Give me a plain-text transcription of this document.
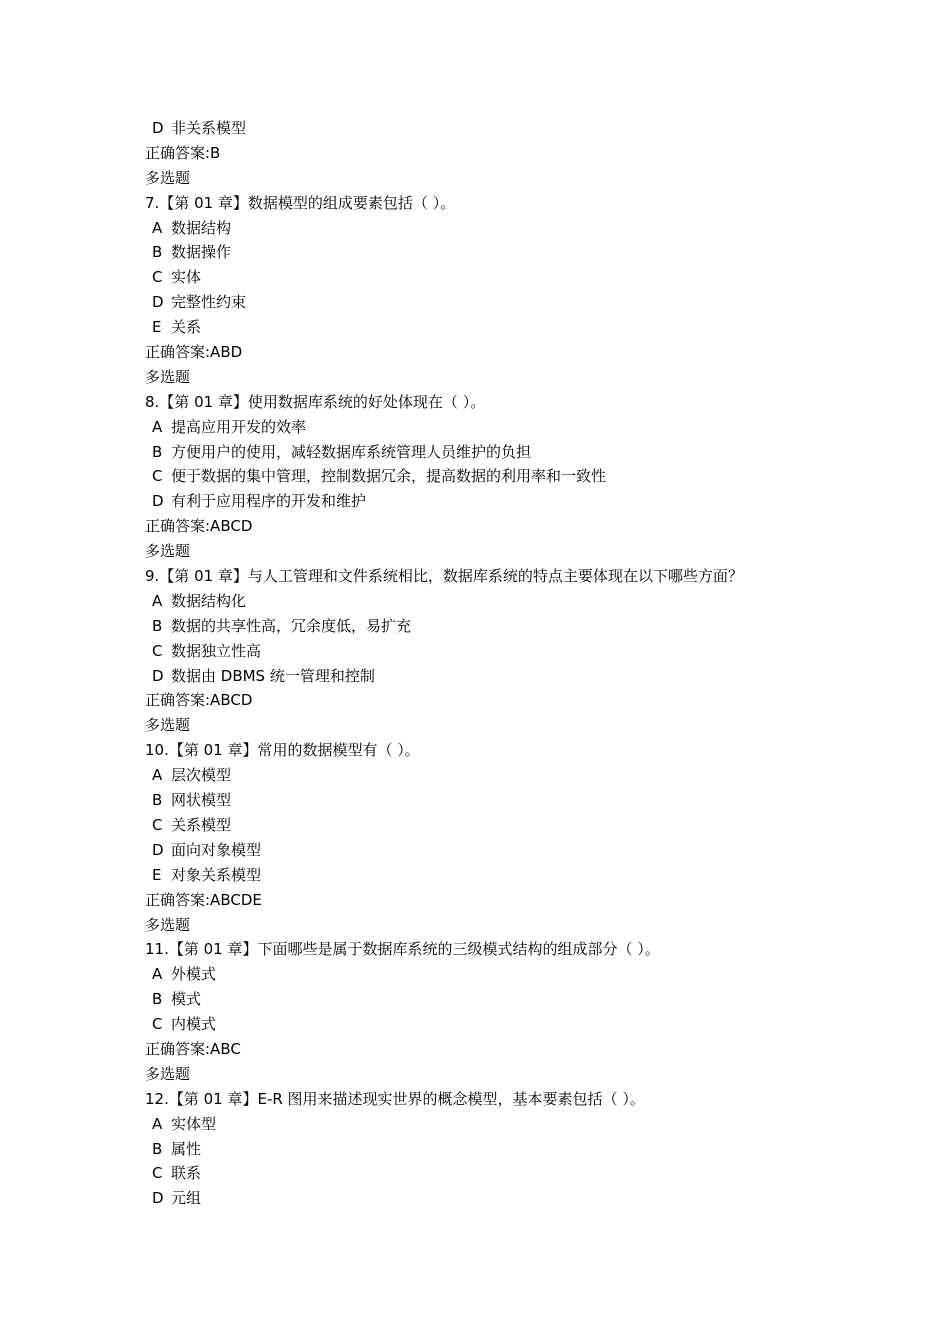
D 非关系模型
正确答案:B
多选题
7.【第 01 章】数据模型的组成要素包括（ ）。
A 数据结构
B 数据操作
C 实体
D 完整性约束
E 关系
正确答案:ABD
多选题
8.【第 01 章】使用数据库系统的好处体现在（ ）。
A 提高应用开发的效率
B 方便用户的使用，减轻数据库系统管理人员维护的负担
C 便于数据的集中管理，控制数据冗余，提高数据的利用率和一致性
D 有利于应用程序的开发和维护
正确答案:ABCD
多选题
9.【第 01 章】与人工管理和文件系统相比，数据库系统的特点主要体现在以下哪些方面？
A 数据结构化
B 数据的共享性高，冗余度低，易扩充
C 数据独立性高
D 数据由 DBMS 统一管理和控制
正确答案:ABCD
多选题
10.【第 01 章】常用的数据模型有（ ）。
A 层次模型
B 网状模型
C 关系模型
D 面向对象模型
E 对象关系模型
正确答案:ABCDE
多选题
11.【第 01 章】下面哪些是属于数据库系统的三级模式结构的组成部分（ ）。
A 外模式
B 模式
C 内模式
正确答案:ABC
多选题
12.【第 01 章】E-R 图用来描述现实世界的概念模型，基本要素包括（ ）。
A 实体型
B 属性
C 联系
D 元组
